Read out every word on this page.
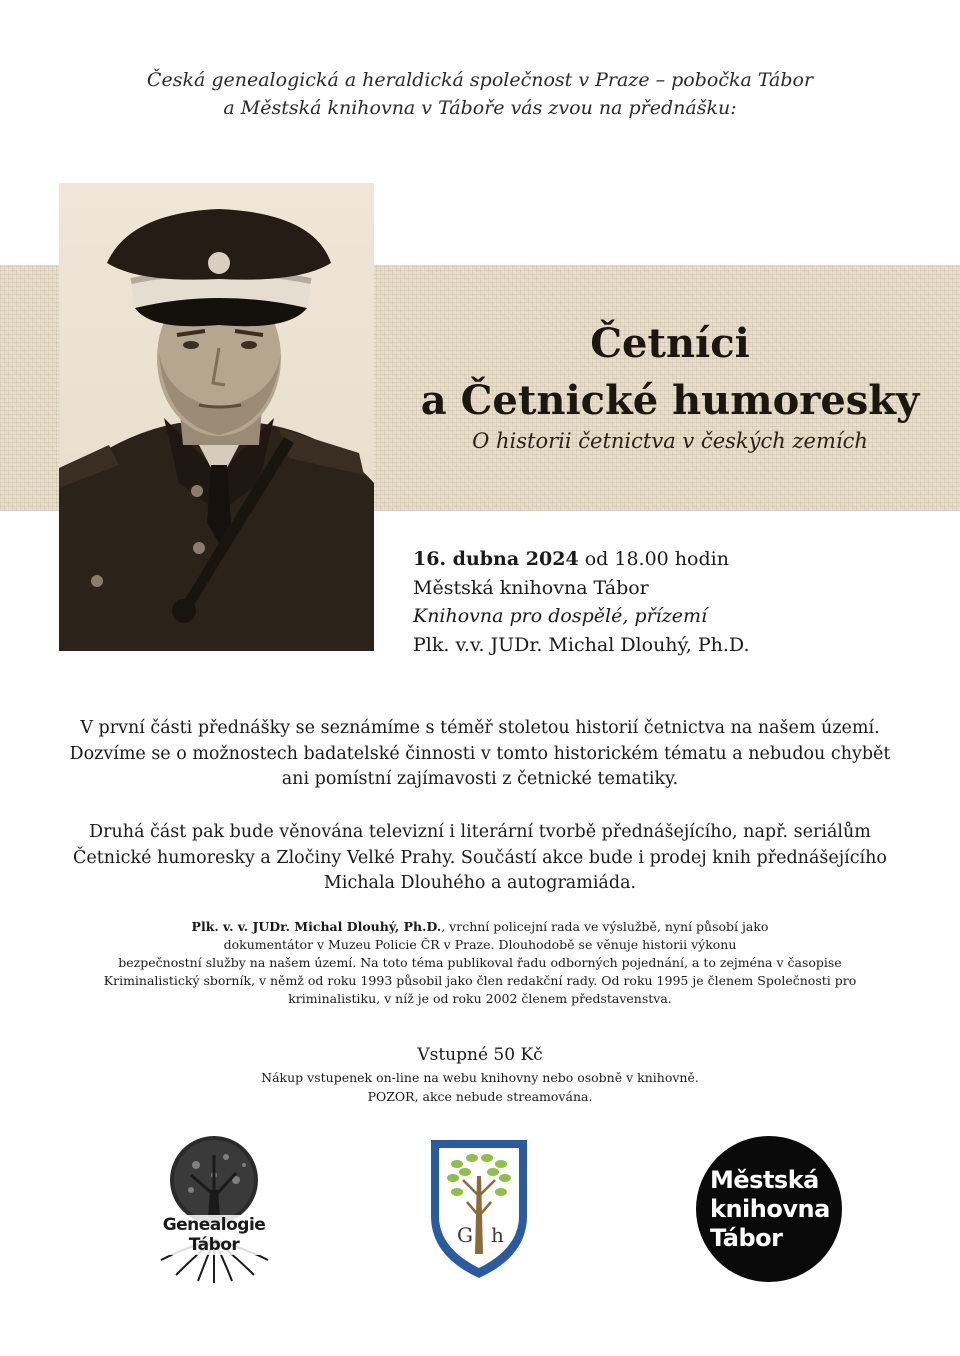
Česká genealogická a heraldická společnost v Praze – pobočka Tábor
a Městská knihovna v Táboře vás zvou na přednášku:
Četníci
a Četnické humoresky
O historii četnictva v českých zemích
16. dubna 2024 od 18.00 hodin
Městská knihovna Tábor
Knihovna pro dospělé, přízemí
Plk. v.v. JUDr. Michal Dlouhý, Ph.D.
V první části přednášky se seznámíme s téměř stoletou historií četnictva na našem území.
Dozvíme se o možnostech badatelské činnosti v tomto historickém tématu a nebudou chybět
ani pomístní zajímavosti z četnické tematiky.
Druhá část pak bude věnována televizní i literární tvorbě přednášejícího, např. seriálům
Četnické humoresky a Zločiny Velké Prahy. Součástí akce bude i prodej knih přednášejícího
Michala Dlouhého a autogramiáda.
Plk. v. v. JUDr. Michal Dlouhý, Ph.D., vrchní policejní rada ve výslužbě, nyní působí jako
dokumentátor v Muzeu Policie ČR v Praze. Dlouhodobě se věnuje historii výkonu
bezpečnostní služby na našem území. Na toto téma publikoval řadu odborných pojednání, a to zejména v časopise
Kriminalistický sborník, v němž od roku 1993 působil jako člen redakční rady. Od roku 1995 je členem Společnosti pro
kriminalistiku, v níž je od roku 2002 členem představenstva.
Vstupné 50 Kč
Nákup vstupenek on-line na webu knihovny nebo osobně v knihovně.
POZOR, akce nebude streamována.
Genealogie Tábor	G h
Městská
knihovna
Tábor
